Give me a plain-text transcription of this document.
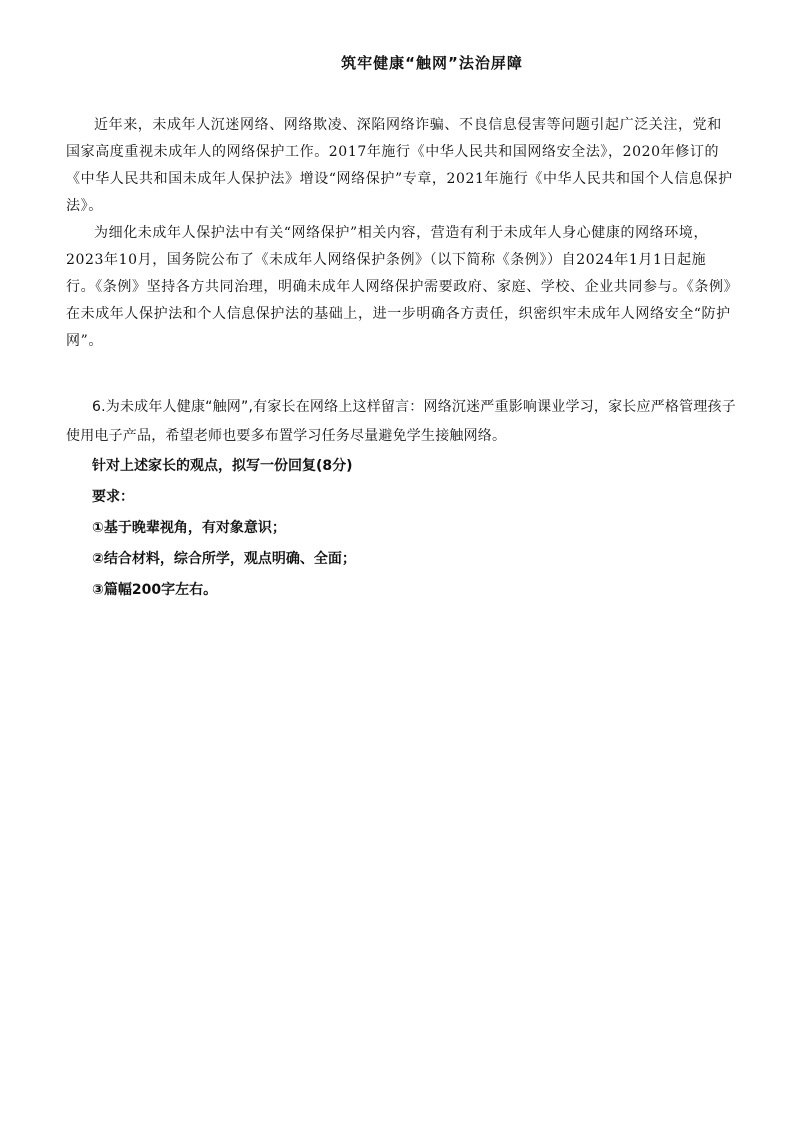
筑牢健康“触网”法治屏障

近年来，未成年人沉迷网络、网络欺凌、深陷网络诈骗、不良信息侵害等问题引起广泛关注，党和国家高度重视未成年人的网络保护工作。2017年施行《中华人民共和国网络安全法》，2020年修订的《中华人民共和国未成年人保护法》增设“网络保护”专章，2021年施行《中华人民共和国个人信息保护法》。

为细化未成年人保护法中有关“网络保护”相关内容，营造有利于未成年人身心健康的网络环境，2023年10月，国务院公布了《未成年人网络保护条例》（以下简称《条例》）自2024年1月1日起施行。《条例》坚持各方共同治理，明确未成年人网络保护需要政府、家庭、学校、企业共同参与。《条例》在未成年人保护法和个人信息保护法的基础上，进一步明确各方责任，织密织牢未成年人网络安全“防护网”。

6.为未成年人健康“触网”,有家长在网络上这样留言：网络沉迷严重影响课业学习，家长应严格管理孩子使用电子产品，希望老师也要多布置学习任务尽量避免学生接触网络。

针对上述家长的观点，拟写一份回复(8分)

要求：

①基于晚辈视角，有对象意识；

②结合材料，综合所学，观点明确、全面；

③篇幅200字左右。
